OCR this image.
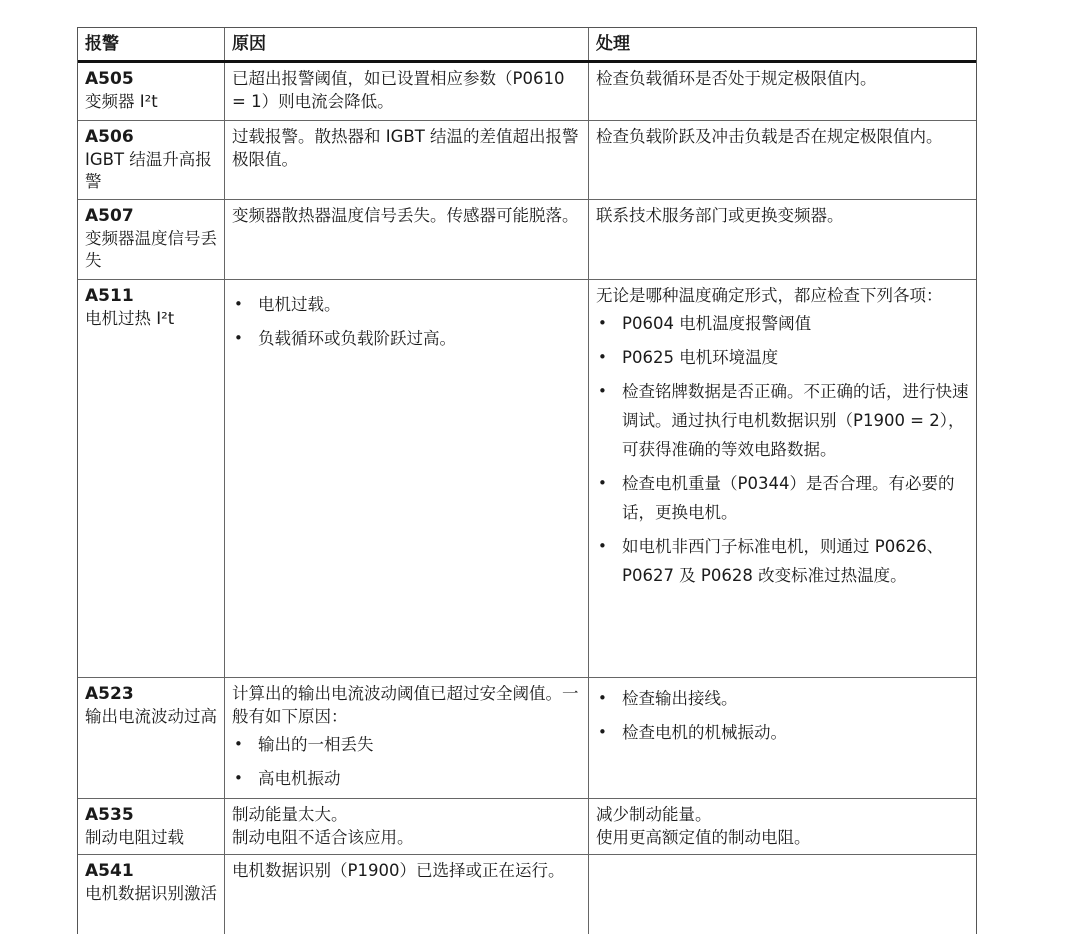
报警	原因	处理
A505
变频器 I²t
已超出报警阈值，如已设置相应参数（P0610 = 1）则电流会降低。
检查负载循环是否处于规定极限值内。
A506
IGBT 结温升高报警
过载报警。散热器和 IGBT 结温的差值超出报警极限值。
检查负载阶跃及冲击负载是否在规定极限值内。
A507
变频器温度信号丢失
变频器散热器温度信号丢失。传感器可能脱落。 联系技术服务部门或更换变频器。
A511
电机过热 I²t
• 电机过载。
• 负载循环或负载阶跃过高。
无论是哪种温度确定形式，都应检查下列各项：
• P0604 电机温度报警阈值
• P0625 电机环境温度
• 检查铭牌数据是否正确。不正确的话，进行快速调试。通过执行电机数据识别（P1900 = 2），可获得准确的等效电路数据。
• 检查电机重量（P0344）是否合理。有必要的话，更换电机。
• 如电机非西门子标准电机，则通过 P0626、P0627 及 P0628 改变标准过热温度。
A523
输出电流波动过高
计算出的输出电流波动阈值已超过安全阈值。一般有如下原因：
• 输出的一相丢失
• 高电机振动
• 检查输出接线。
• 检查电机的机械振动。
A535
制动电阻过载
制动能量太大。
制动电阻不适合该应用。
减少制动能量。
使用更高额定值的制动电阻。
A541
电机数据识别激活
电机数据识别（P1900）已选择或正在运行。
